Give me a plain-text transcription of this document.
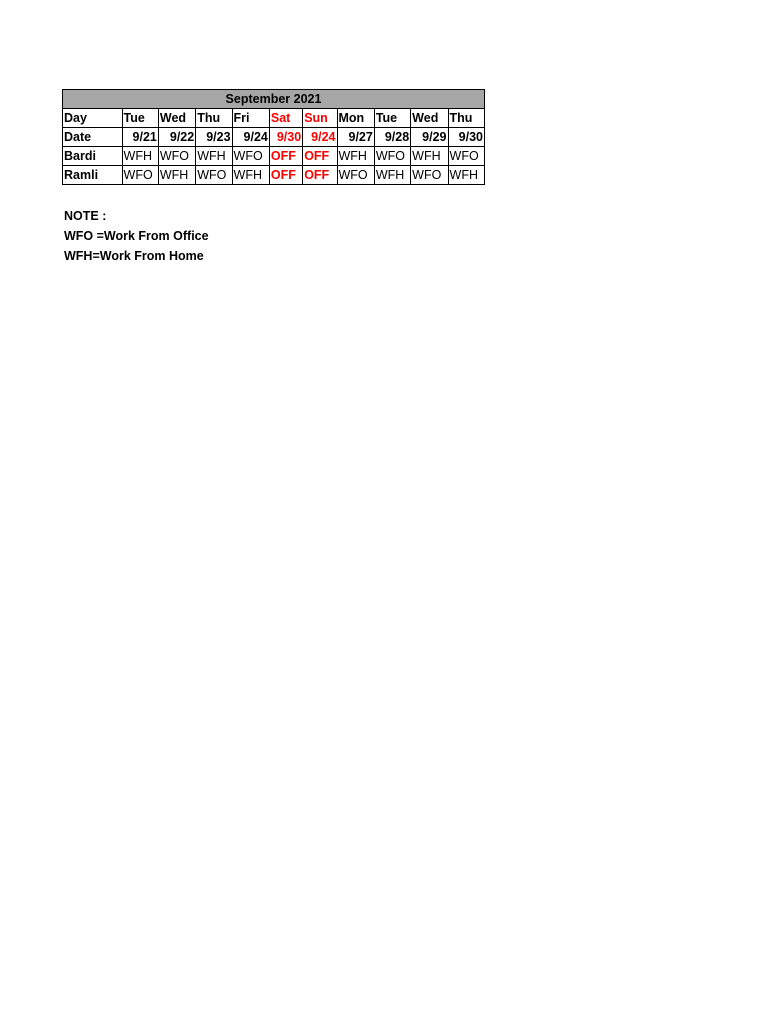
September 2021										
Day	Tue	Wed	Thu	Fri	Sat	Sun	Mon	Tue	Wed	Thu
Date	9/21	9/22	9/23	9/24	9/30	9/24	9/27	9/28	9/29	9/30
Bardi	WFH	WFO	WFH	WFO	OFF	OFF	WFH	WFO	WFH	WFO
Ramli	WFO	WFH	WFO	WFH	OFF	OFF	WFO	WFH	WFO	WFH
NOTE :
WFO =Work From Office
WFH=Work From Home
